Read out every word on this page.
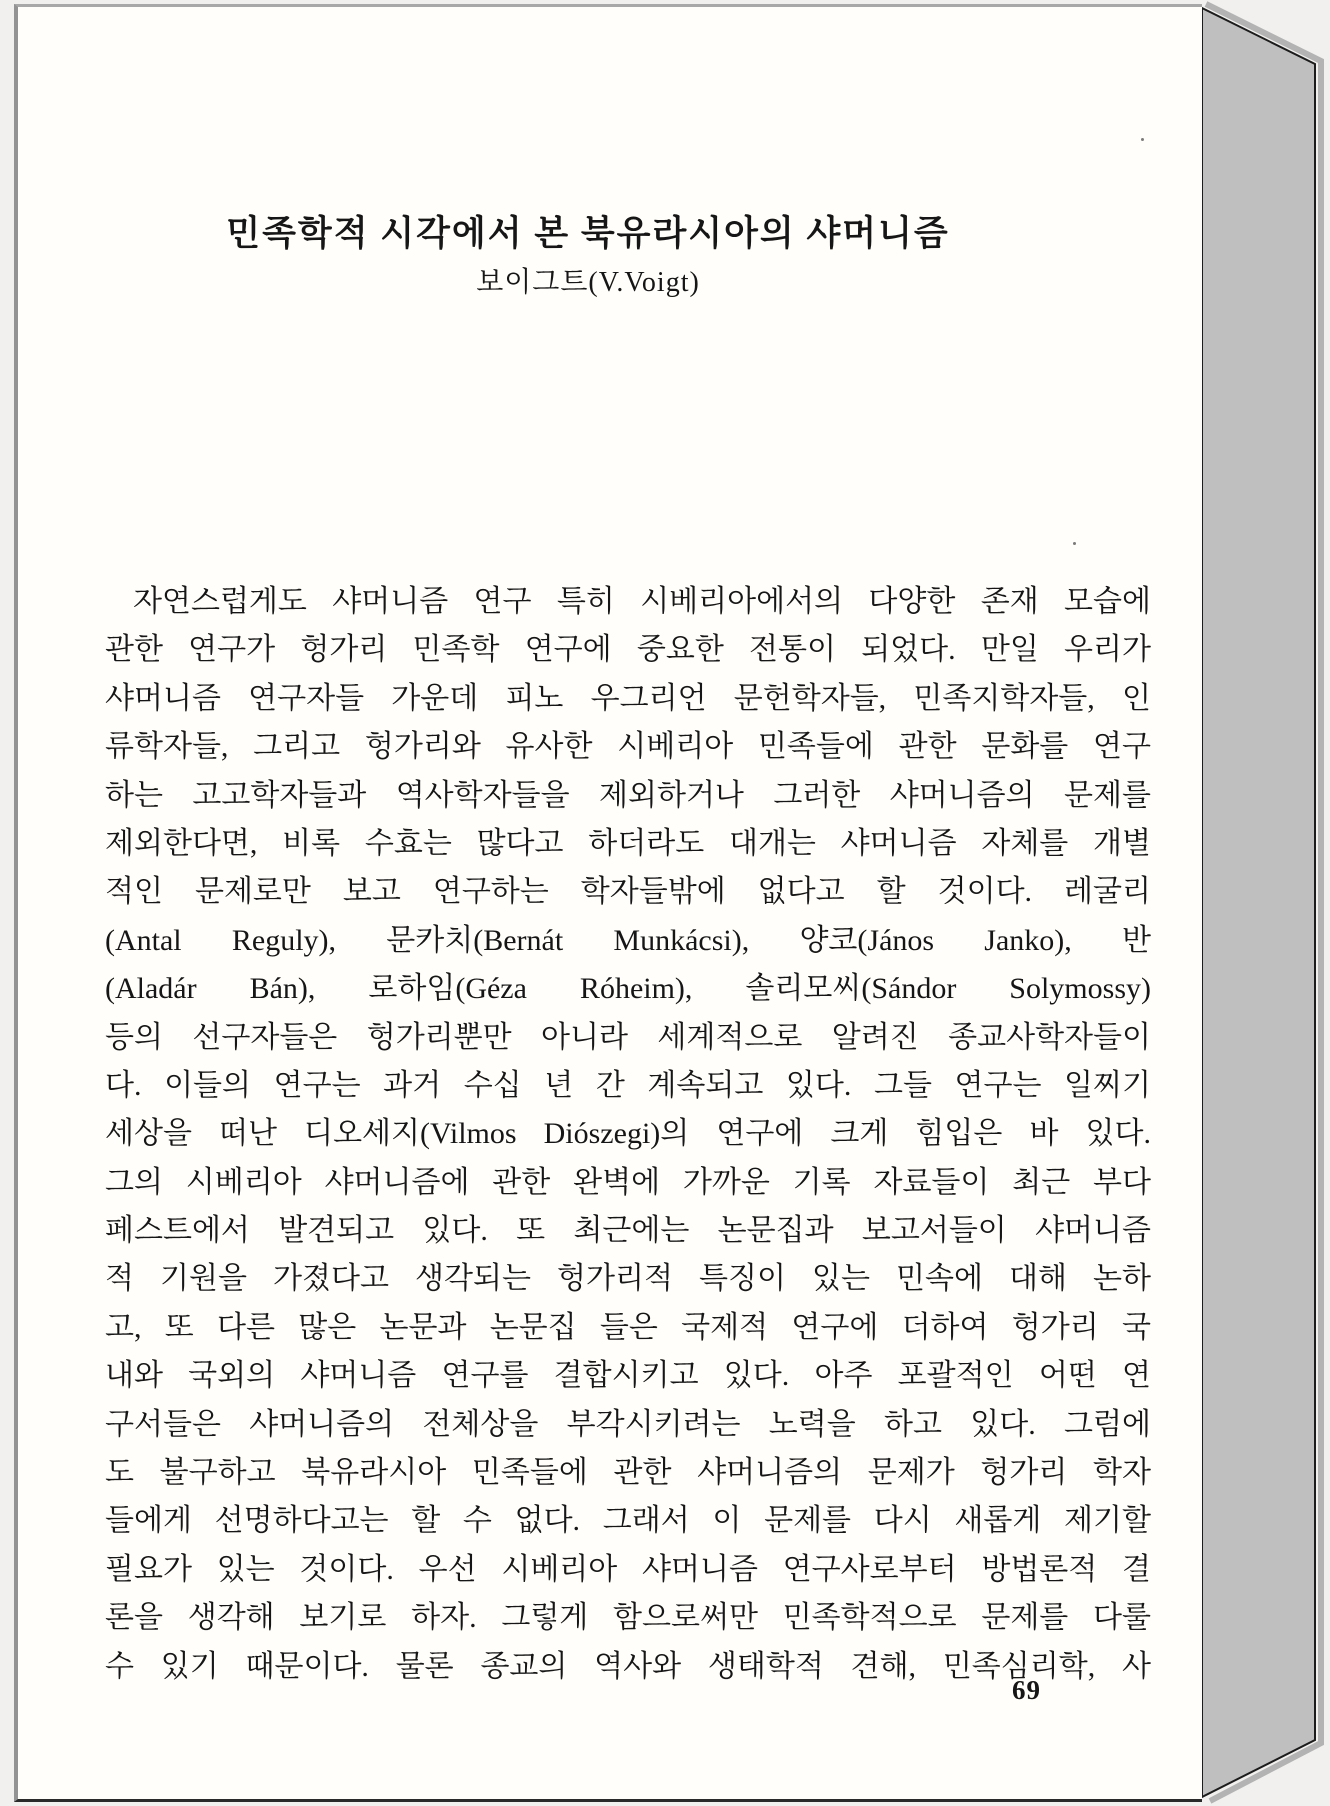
민족학적 시각에서 본 북유라시아의 샤머니즘
보이그트(V.Voigt)
자연스럽게도 샤머니즘 연구 특히 시베리아에서의 다양한 존재 모습에
관한 연구가 헝가리 민족학 연구에 중요한 전통이 되었다. 만일 우리가
샤머니즘 연구자들 가운데 피노 우그리언 문헌학자들, 민족지학자들, 인
류학자들, 그리고 헝가리와 유사한 시베리아 민족들에 관한 문화를 연구
하는 고고학자들과 역사학자들을 제외하거나 그러한 샤머니즘의 문제를
제외한다면, 비록 수효는 많다고 하더라도 대개는 샤머니즘 자체를 개별
적인 문제로만 보고 연구하는 학자들밖에 없다고 할 것이다. 레굴리
(Antal Reguly), 문카치(Bernát Munkácsi), 양코(János Janko), 반
(Aladár Bán), 로하임(Géza Róheim), 솔리모씨(Sándor Solymossy)
등의 선구자들은 헝가리뿐만 아니라 세계적으로 알려진 종교사학자들이
다. 이들의 연구는 과거 수십 년 간 계속되고 있다. 그들 연구는 일찌기
세상을 떠난 디오세지(Vilmos Diószegi)의 연구에 크게 힘입은 바 있다.
그의 시베리아 샤머니즘에 관한 완벽에 가까운 기록 자료들이 최근 부다
페스트에서 발견되고 있다. 또 최근에는 논문집과 보고서들이 샤머니즘
적 기원을 가졌다고 생각되는 헝가리적 특징이 있는 민속에 대해 논하
고, 또 다른 많은 논문과 논문집 들은 국제적 연구에 더하여 헝가리 국
내와 국외의 샤머니즘 연구를 결합시키고 있다. 아주 포괄적인 어떤 연
구서들은 샤머니즘의 전체상을 부각시키려는 노력을 하고 있다. 그럼에
도 불구하고 북유라시아 민족들에 관한 샤머니즘의 문제가 헝가리 학자
들에게 선명하다고는 할 수 없다. 그래서 이 문제를 다시 새롭게 제기할
필요가 있는 것이다. 우선 시베리아 샤머니즘 연구사로부터 방법론적 결
론을 생각해 보기로 하자. 그렇게 함으로써만 민족학적으로 문제를 다룰
수 있기 때문이다. 물론 종교의 역사와 생태학적 견해, 민족심리학, 사
69
